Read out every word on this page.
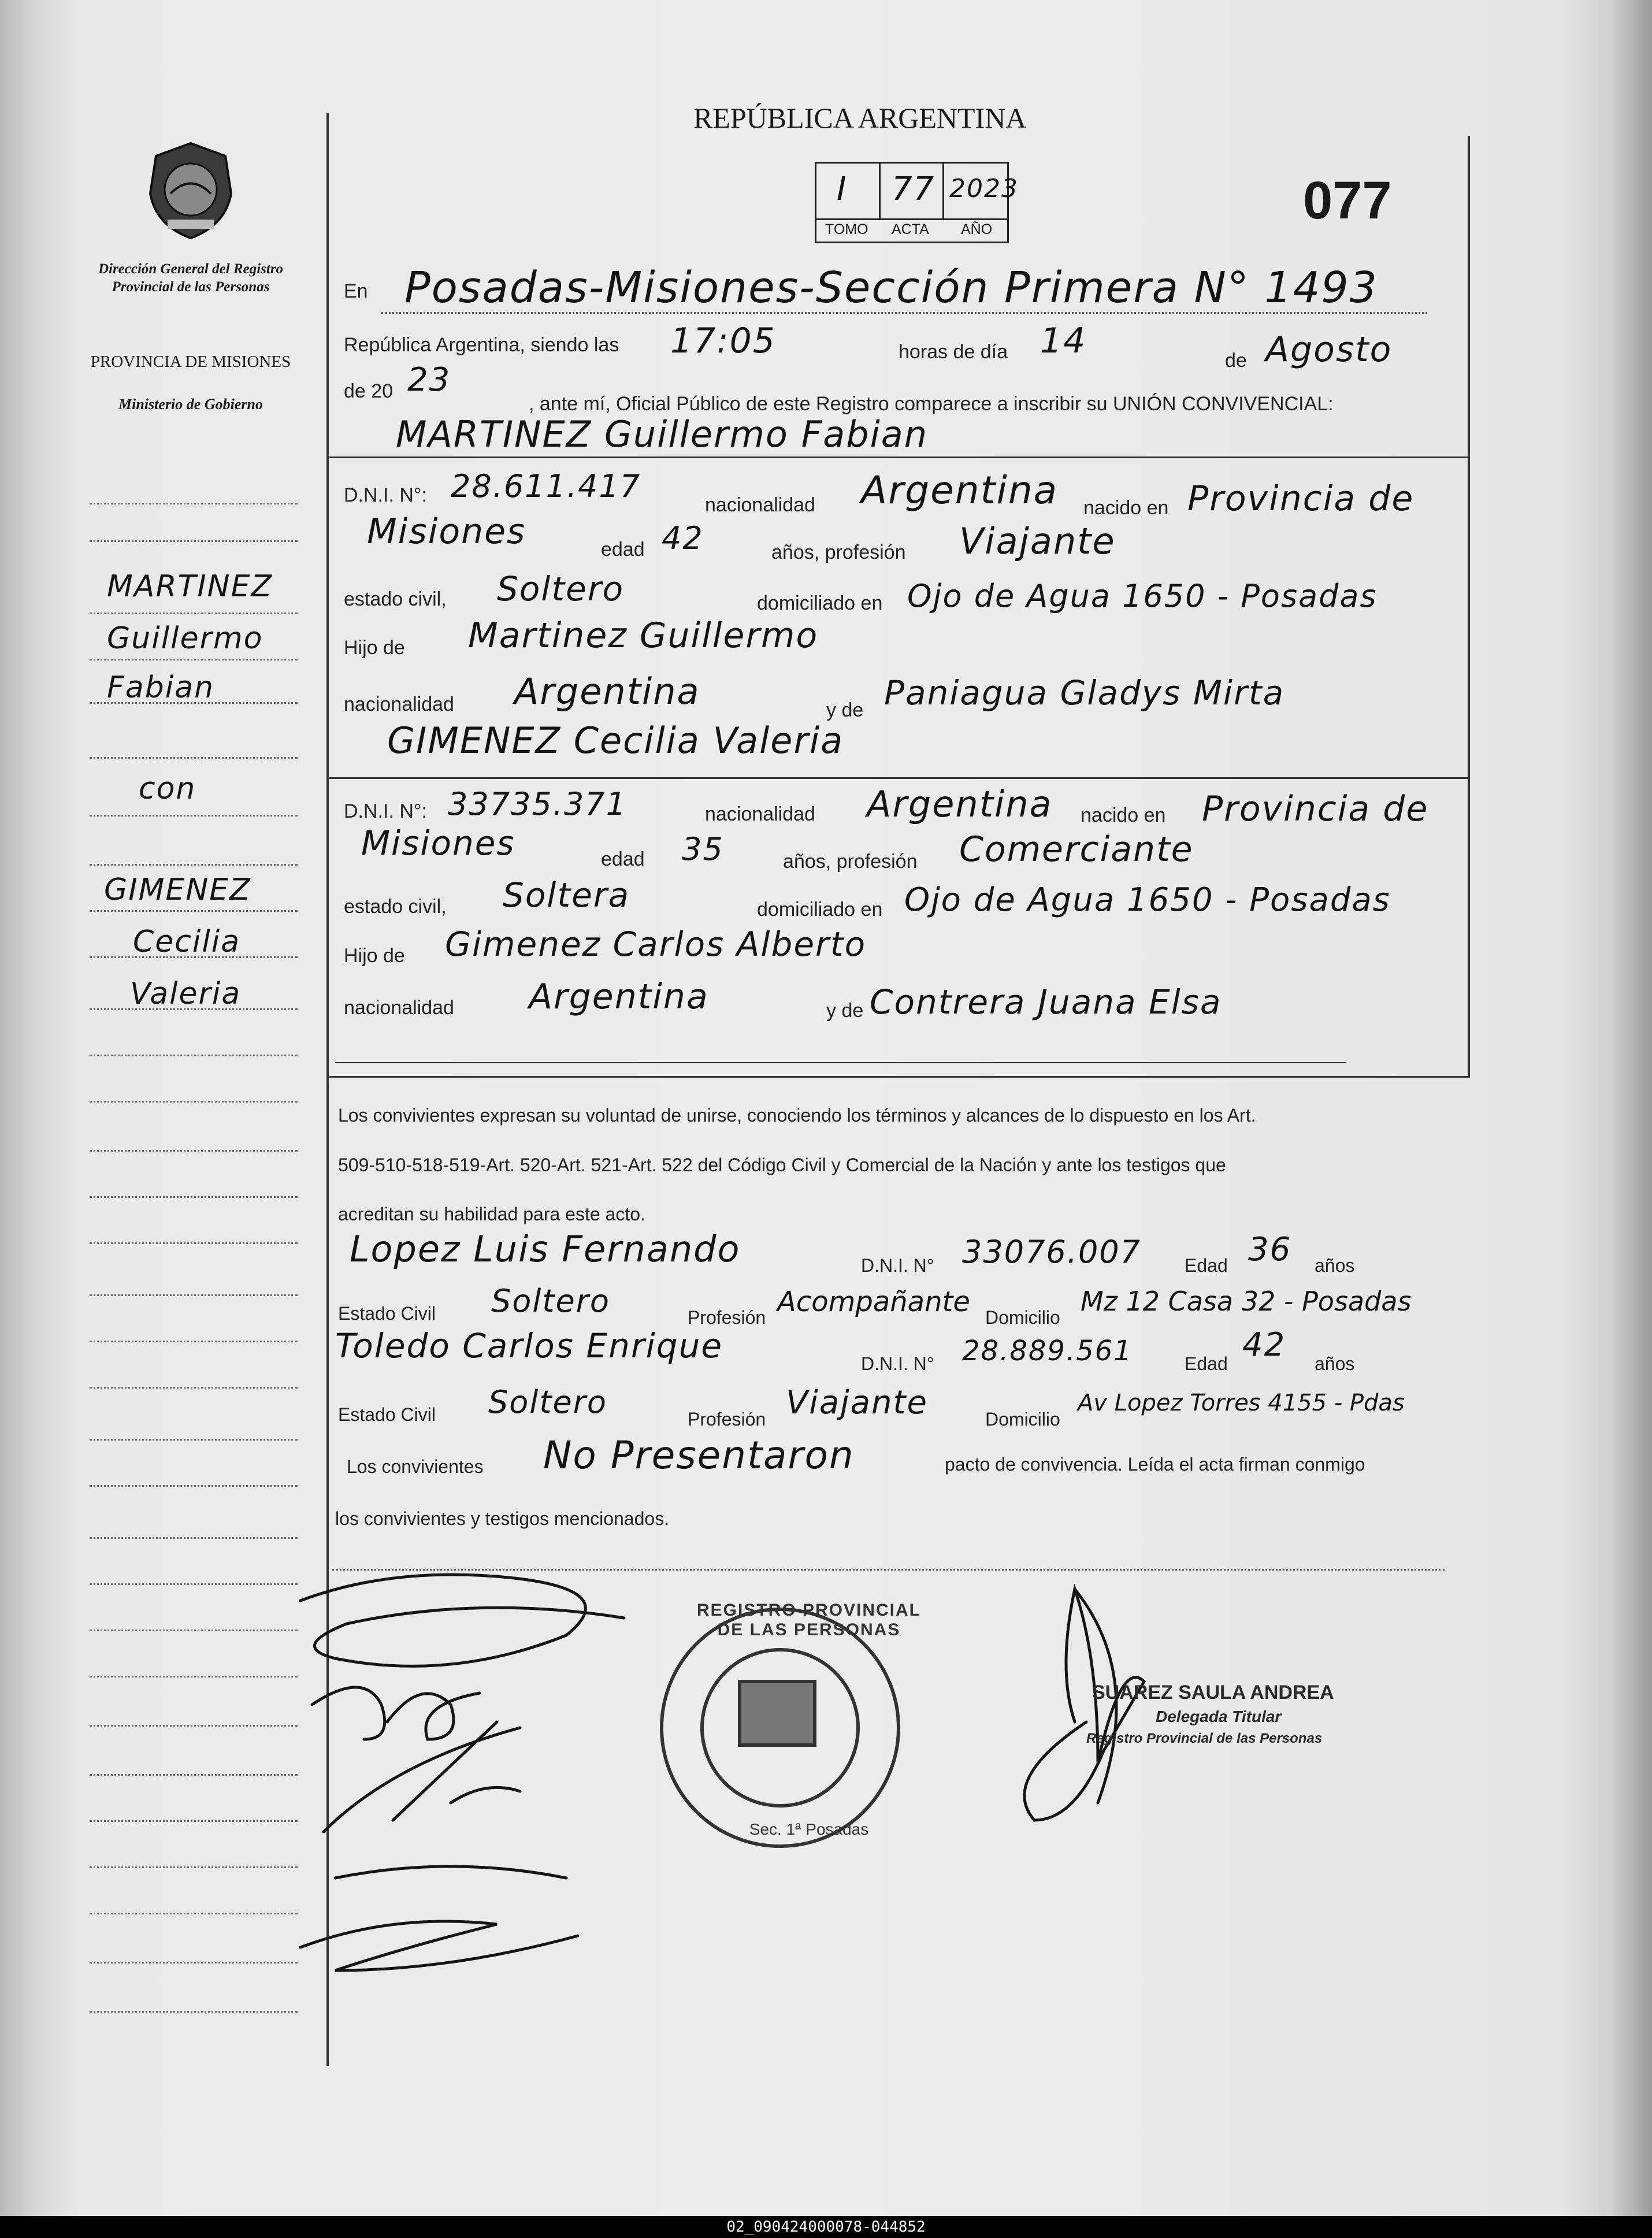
Dirección General del Registro Provincial de las Personas
PROVINCIA DE MISIONES
Ministerio de Gobierno
MARTINEZ
Guillermo
Fabian
con
GIMENEZ
Cecilia
Valeria
REPÚBLICA ARGENTINA
077
I 77 2023
TOMO ACTA AÑO
En Posadas-Misiones-Sección Primera N° 1493
República Argentina, siendo las 17:05	horas de día 14	de Agosto
de 20 23
, ante mí, Oficial Público de este Registro comparece a inscribir su UNIÓN CONVIVENCIAL:
MARTINEZ Guillermo Fabian
D.N.I. N°: 28.611.417
nacionalidad Argentina nacido en Provincia de
Misiones	edad 42	años, profesión Viajante
estado civil, Soltero	domiciliado en Ojo de Agua 1650 - Posadas
Hijo de Martinez Guillermo
nacionalidad Argentina	y de Paniagua Gladys Mirta
GIMENEZ Cecilia Valeria
D.N.I. N°: 33735.371	nacionalidad Argentina nacido en Provincia de
Misiones	edad 35	años, profesión Comerciante
estado civil, Soltera	domiciliado en Ojo de Agua 1650 - Posadas
Hijo de Gimenez Carlos Alberto
nacionalidad Argentina	y de Contrera Juana Elsa
Los convivientes expresan su voluntad de unirse, conociendo los términos y alcances de lo dispuesto en los Art.
509-510-518-519-Art. 520-Art. 521-Art. 522 del Código Civil y Comercial de la Nación y ante los testigos que
acreditan su habilidad para este acto.
Lopez Luis Fernando	D.N.I. N° 33076.007 Edad 36 años
Estado Civil Soltero	Profesión Acompañante Domicilio
Mz 12 Casa 32 - Posadas
Toledo Carlos Enrique	D.N.I. N° 28.889.561	Edad 42 años
Estado Civil Soltero	Profesión Viajante	Domicilio
Av Lopez Torres 4155 - Pdas
Los convivientes No Presentaron	pacto de convivencia. Leída el acta firman conmigo
los convivientes y testigos mencionados.
REGISTRO PROVINCIAL DE LAS PERSONAS
Sec. 1ª Posadas
SUAREZ SAULA ANDREA
Delegada Titular
Registro Provincial de las Personas
02_090424000078-044852
